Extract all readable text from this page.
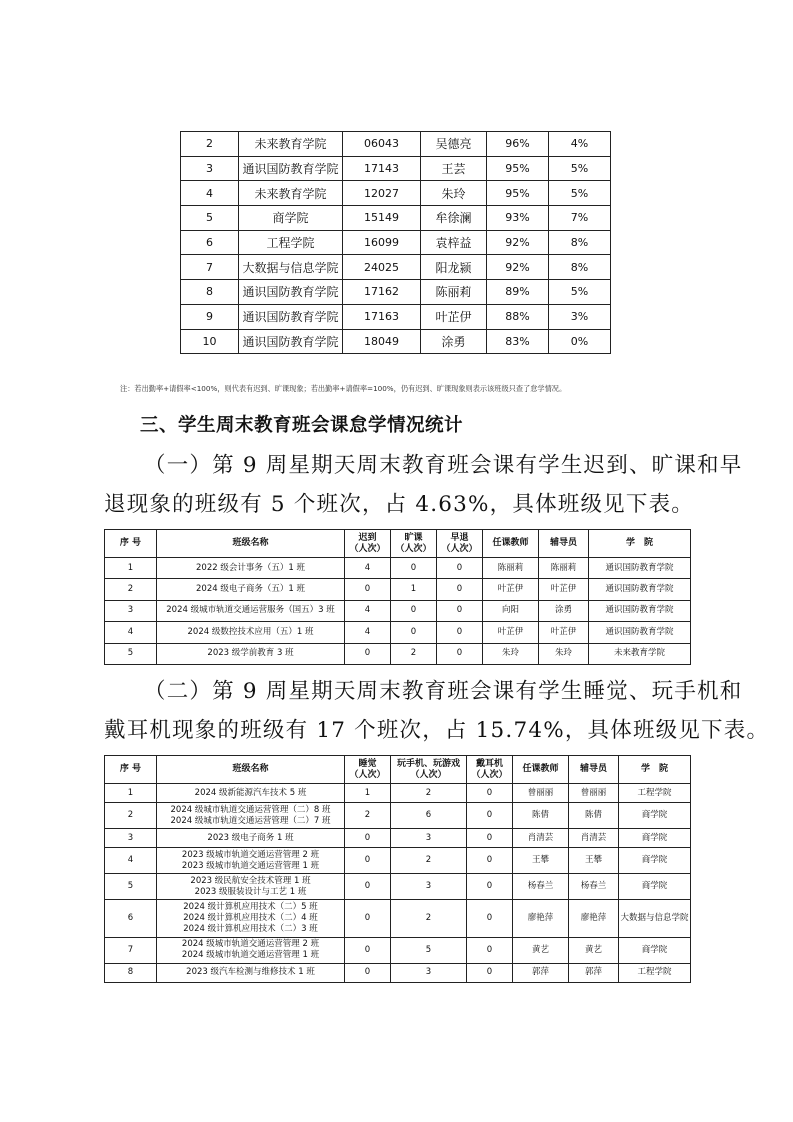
2	未来教育学院	06043	吴德亮	96%	4%
3	通识国防教育学院	17143	王芸	95%	5%
4	未来教育学院	12027	朱玲	95%	5%
5	商学院	15149	牟徐澜	93%	7%
6	工程学院	16099	袁梓益	92%	8%
7	大数据与信息学院	24025	阳龙颍	92%	8%
8	通识国防教育学院	17162	陈丽莉	89%	5%
9	通识国防教育学院	17163	叶芷伊	88%	3%
10	通识国防教育学院	18049	涂勇	83%	0%
注：若出勤率+请假率<100%，则代表有迟到、旷课现象；若出勤率+请假率=100%，仍有迟到、旷课现象则表示该班级只查了怠学情况。
三、学生周末教育班会课怠学情况统计
（一）第 9 周星期天周末教育班会课有学生迟到、旷课和早
退现象的班级有 5 个班次，占 4.63%，具体班级见下表。
序 号	班级名称	迟到
（人次）	旷课
（人次）	早退
（人次）	任课教师	辅导员	学　院
1	2022 级会计事务（五）1 班	4	0	0	陈丽莉	陈丽莉	通识国防教育学院
2	2024 级电子商务（五）1 班	0	1	0	叶芷伊	叶芷伊	通识国防教育学院
3	2024 级城市轨道交通运营服务（国五）3 班	4	0	0	向阳	涂勇	通识国防教育学院
4	2024 级数控技术应用（五）1 班	4	0	0	叶芷伊	叶芷伊	通识国防教育学院
5	2023 级学前教育 3 班	0	2	0	朱玲	朱玲	未来教育学院
（二）第 9 周星期天周末教育班会课有学生睡觉、玩手机和
戴耳机现象的班级有 17 个班次，占 15.74%，具体班级见下表。
序 号	班级名称	睡觉
（人次）	玩手机、玩游戏
（人次）	戴耳机
（人次）	任课教师	辅导员	学　院
1	2024 级新能源汽车技术 5 班	1	2	0	曾丽丽	曾丽丽	工程学院
2	2024 级城市轨道交通运营管理（二）8 班
2024 级城市轨道交通运营管理（二）7 班	2	6	0	陈倩	陈倩	商学院
3	2023 级电子商务 1 班	0	3	0	肖清芸	肖清芸	商学院
4	2023 级城市轨道交通运营管理 2 班
2023 级城市轨道交通运营管理 1 班	0	2	0	王攀	王攀	商学院
5	2023 级民航安全技术管理 1 班
2023 级服装设计与工艺 1 班	0	3	0	杨春兰	杨春兰	商学院
6	2024 级计算机应用技术（二）5 班
2024 级计算机应用技术（二）4 班
2024 级计算机应用技术（二）3 班	0	2	0	廖艳萍	廖艳萍	大数据与信息学院
7	2024 级城市轨道交通运营管理 2 班
2024 级城市轨道交通运营管理 1 班	0	5	0	黄艺	黄艺	商学院
8	2023 级汽车检测与维修技术 1 班	0	3	0	郭萍	郭萍	工程学院
